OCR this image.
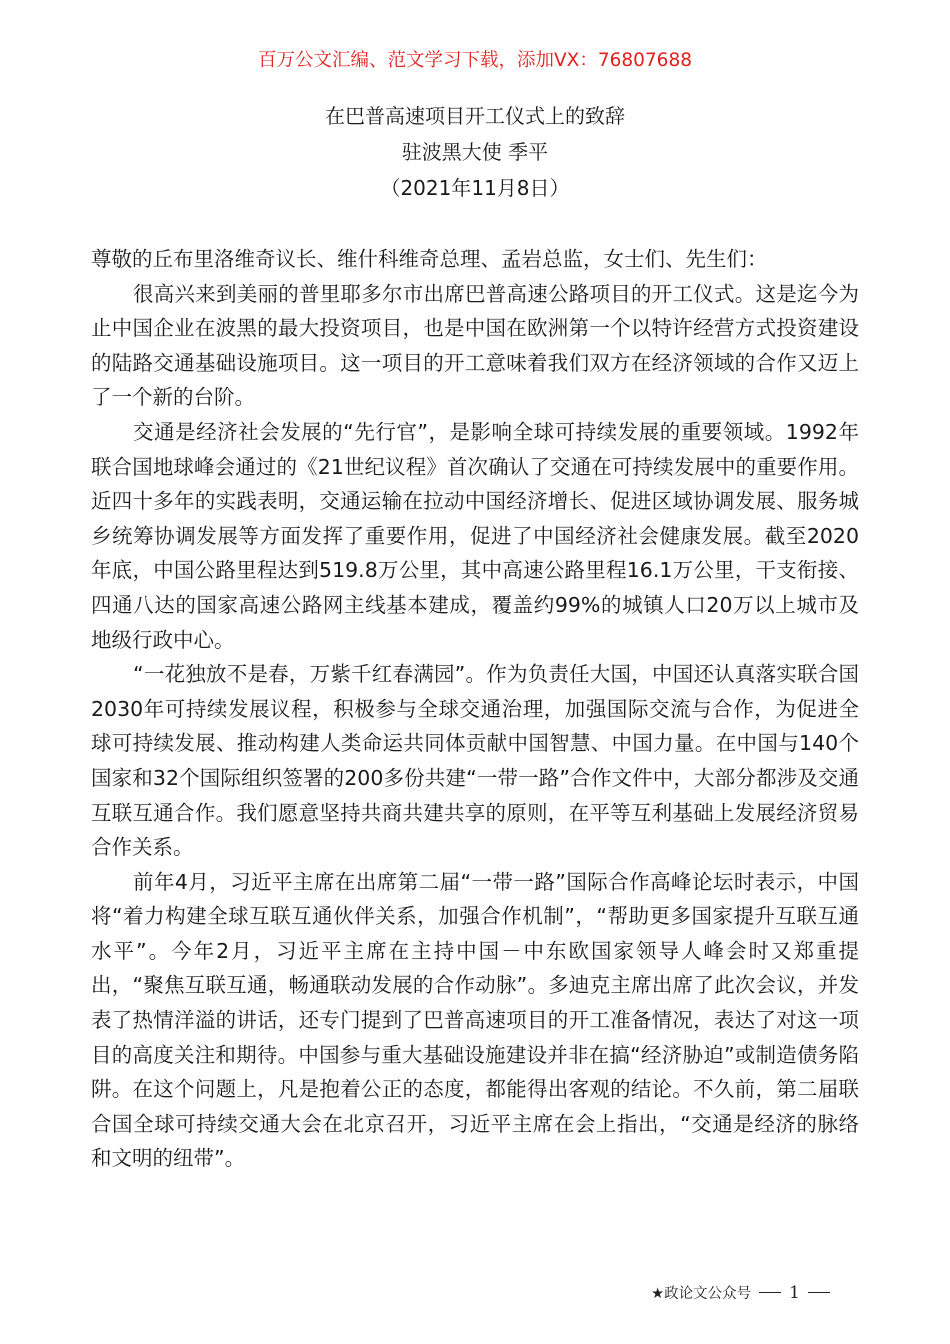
百万公文汇编、范文学习下载，添加VX：76807688
在巴普高速项目开工仪式上的致辞
驻波黑大使 季平
（2021年11月8日）

尊敬的丘布里洛维奇议长、维什科维奇总理、孟岩总监，女士们、先生们：

很高兴来到美丽的普里耶多尔市出席巴普高速公路项目的开工仪式。这是迄今为止中国企业在波黑的最大投资项目，也是中国在欧洲第一个以特许经营方式投资建设的陆路交通基础设施项目。这一项目的开工意味着我们双方在经济领域的合作又迈上了一个新的台阶。

交通是经济社会发展的“先行官”，是影响全球可持续发展的重要领域。1992年联合国地球峰会通过的《21世纪议程》首次确认了交通在可持续发展中的重要作用。近四十多年的实践表明，交通运输在拉动中国经济增长、促进区域协调发展、服务城乡统筹协调发展等方面发挥了重要作用，促进了中国经济社会健康发展。截至2020年底，中国公路里程达到519.8万公里，其中高速公路里程16.1万公里，干支衔接、四通八达的国家高速公路网主线基本建成，覆盖约99%的城镇人口20万以上城市及地级行政中心。

“一花独放不是春，万紫千红春满园”。作为负责任大国，中国还认真落实联合国2030年可持续发展议程，积极参与全球交通治理，加强国际交流与合作，为促进全球可持续发展、推动构建人类命运共同体贡献中国智慧、中国力量。在中国与140个国家和32个国际组织签署的200多份共建“一带一路”合作文件中，大部分都涉及交通互联互通合作。我们愿意坚持共商共建共享的原则，在平等互利基础上发展经济贸易合作关系。

前年4月，习近平主席在出席第二届“一带一路”国际合作高峰论坛时表示，中国将“着力构建全球互联互通伙伴关系，加强合作机制”，“帮助更多国家提升互联互通水平”。今年2月，习近平主席在主持中国－中东欧国家领导人峰会时又郑重提出，“聚焦互联互通，畅通联动发展的合作动脉”。多迪克主席出席了此次会议，并发表了热情洋溢的讲话，还专门提到了巴普高速项目的开工准备情况，表达了对这一项目的高度关注和期待。中国参与重大基础设施建设并非在搞“经济胁迫”或制造债务陷阱。在这个问题上，凡是抱着公正的态度，都能得出客观的结论。不久前，第二届联合国全球可持续交通大会在北京召开，习近平主席在会上指出，“交通是经济的脉络和文明的纽带”。

★政论文公众号 1
